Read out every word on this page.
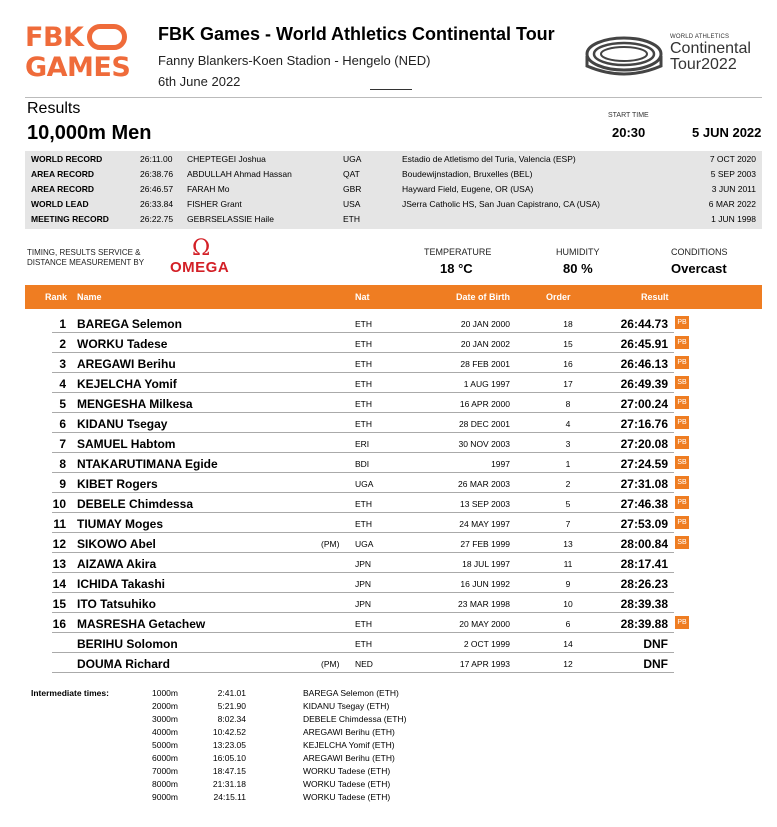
FBK
GAMES
FBK Games - World Athletics Continental Tour
Fanny Blankers-Koen Stadion - Hengelo (NED)
6th June 2022
WORLD ATHLETICS
Continental
Tour2022
Results
10,000m Men
START TIME
20:30	5 JUN 2022
WORLD RECORD	26:11.00 CHEPTEGEI Joshua	UGA	Estadio de Atletismo del Turia, Valencia (ESP)	7 OCT 2020
AREA RECORD	26:38.76 ABDULLAH Ahmad Hassan	QAT	Boudewijnstadion, Bruxelles (BEL)	5 SEP 2003
AREA RECORD	26:46.57 FARAH Mo	GBR	Hayward Field, Eugene, OR (USA)	3 JUN 2011
WORLD LEAD	26:33.84 FISHER Grant	USA	JSerra Catholic HS, San Juan Capistrano, CA (USA)	6 MAR 2022
MEETING RECORD	26:22.75 GEBRSELASSIE Haile	ETH	1 JUN 1998
TIMING, RESULTS SERVICE &
DISTANCE MEASUREMENT BY
Ω
OMEGA
TEMPERATURE
18 °C
HUMIDITY
80 %
CONDITIONS
Overcast
Rank Name	Nat	Date of Birth	Order	Result
1 BAREGA Selemon	ETH	20 JAN 2000	18	26:44.73	PB
2 WORKU Tadese	ETH	20 JAN 2002	15	26:45.91	PB
3 AREGAWI Berihu	ETH	28 FEB 2001	16	26:46.13	PB
4 KEJELCHA Yomif	ETH	1 AUG 1997	17	26:49.39	SB
5 MENGESHA Milkesa	ETH	16 APR 2000	8	27:00.24	PB
6 KIDANU Tsegay	ETH	28 DEC 2001	4	27:16.76	PB
7 SAMUEL Habtom	ERI	30 NOV 2003	3	27:20.08	PB
8 NTAKARUTIMANA Egide	BDI	1997	1	27:24.59	SB
9 KIBET Rogers	UGA	26 MAR 2003	2	27:31.08	SB
10 DEBELE Chimdessa	ETH	13 SEP 2003	5	27:46.38	PB
11 TIUMAY Moges	ETH	24 MAY 1997	7	27:53.09	PB
12 SIKOWO Abel	(PM) UGA	27 FEB 1999	13	28:00.84	SB
13 AIZAWA Akira	JPN	18 JUL 1997	11	28:17.41
14 ICHIDA Takashi	JPN	16 JUN 1992	9	28:26.23
15 ITO Tatsuhiko	JPN	23 MAR 1998	10	28:39.38
16 MASRESHA Getachew	ETH	20 MAY 2000	6	28:39.88	PB
BERIHU Solomon	ETH	2 OCT 1999	14	DNF
DOUMA Richard	(PM) NED	17 APR 1993	12	DNF
Intermediate times:	1000m	2:41.01	BAREGA Selemon (ETH)
2000m	5:21.90	KIDANU Tsegay (ETH)
3000m	8:02.34	DEBELE Chimdessa (ETH)
4000m	10:42.52	AREGAWI Berihu (ETH)
5000m	13:23.05	KEJELCHA Yomif (ETH)
6000m	16:05.10	AREGAWI Berihu (ETH)
7000m	18:47.15	WORKU Tadese (ETH)
8000m	21:31.18	WORKU Tadese (ETH)
9000m	24:15.11	WORKU Tadese (ETH)
